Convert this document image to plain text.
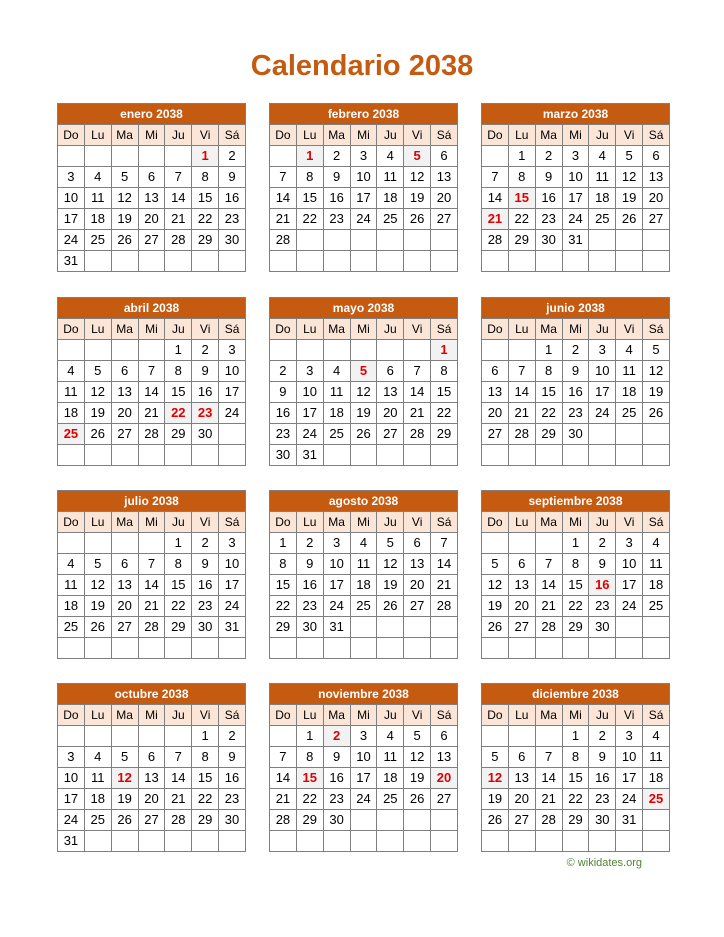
Calendario 2038
enero 2038						
Do	Lu	Ma	Mi	Ju	Vi	Sá
					1	2
3	4	5	6	7	8	9
10	11	12	13	14	15	16
17	18	19	20	21	22	23
24	25	26	27	28	29	30
31						
febrero 2038						
Do	Lu	Ma	Mi	Ju	Vi	Sá
	1	2	3	4	5	6
7	8	9	10	11	12	13
14	15	16	17	18	19	20
21	22	23	24	25	26	27
28						

marzo 2038						
Do	Lu	Ma	Mi	Ju	Vi	Sá
	1	2	3	4	5	6
7	8	9	10	11	12	13
14	15	16	17	18	19	20
21	22	23	24	25	26	27
28	29	30	31			

abril 2038						
Do	Lu	Ma	Mi	Ju	Vi	Sá
				1	2	3
4	5	6	7	8	9	10
11	12	13	14	15	16	17
18	19	20	21	22	23	24
25	26	27	28	29	30	

mayo 2038						
Do	Lu	Ma	Mi	Ju	Vi	Sá
						1
2	3	4	5	6	7	8
9	10	11	12	13	14	15
16	17	18	19	20	21	22
23	24	25	26	27	28	29
30	31					
junio 2038						
Do	Lu	Ma	Mi	Ju	Vi	Sá
		1	2	3	4	5
6	7	8	9	10	11	12
13	14	15	16	17	18	19
20	21	22	23	24	25	26
27	28	29	30			

julio 2038						
Do	Lu	Ma	Mi	Ju	Vi	Sá
				1	2	3
4	5	6	7	8	9	10
11	12	13	14	15	16	17
18	19	20	21	22	23	24
25	26	27	28	29	30	31

agosto 2038						
Do	Lu	Ma	Mi	Ju	Vi	Sá
1	2	3	4	5	6	7
8	9	10	11	12	13	14
15	16	17	18	19	20	21
22	23	24	25	26	27	28
29	30	31				

septiembre 2038						
Do	Lu	Ma	Mi	Ju	Vi	Sá
			1	2	3	4
5	6	7	8	9	10	11
12	13	14	15	16	17	18
19	20	21	22	23	24	25
26	27	28	29	30		

octubre 2038						
Do	Lu	Ma	Mi	Ju	Vi	Sá
					1	2
3	4	5	6	7	8	9
10	11	12	13	14	15	16
17	18	19	20	21	22	23
24	25	26	27	28	29	30
31						
noviembre 2038						
Do	Lu	Ma	Mi	Ju	Vi	Sá
	1	2	3	4	5	6
7	8	9	10	11	12	13
14	15	16	17	18	19	20
21	22	23	24	25	26	27
28	29	30				

diciembre 2038						
Do	Lu	Ma	Mi	Ju	Vi	Sá
			1	2	3	4
5	6	7	8	9	10	11
12	13	14	15	16	17	18
19	20	21	22	23	24	25
26	27	28	29	30	31	

© wikidates.org
